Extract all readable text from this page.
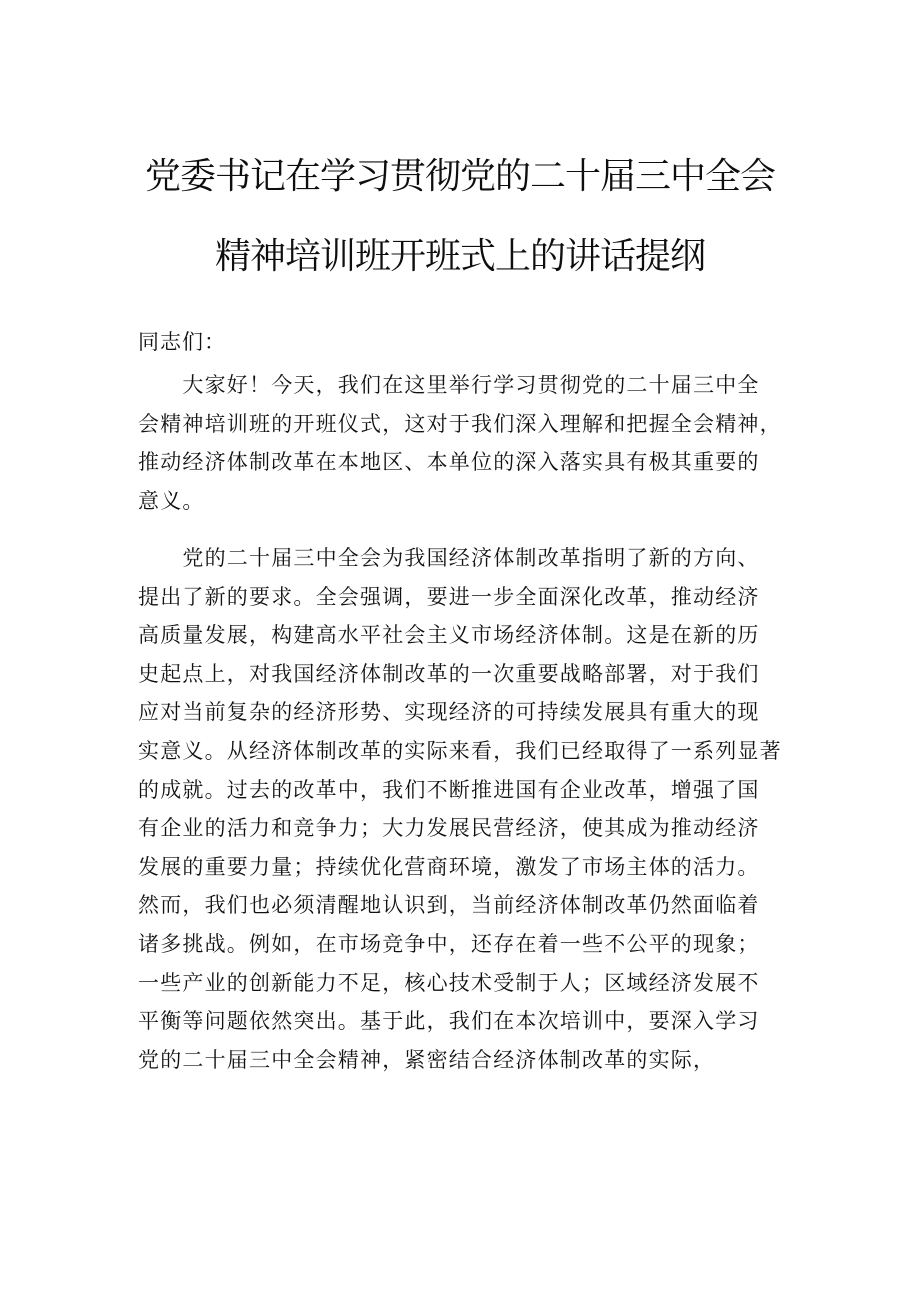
党委书记在学习贯彻党的二十届三中全会
精神培训班开班式上的讲话提纲
同志们：
　　大家好！今天，我们在这里举行学习贯彻党的二十届三中全
会精神培训班的开班仪式，这对于我们深入理解和把握全会精神，
推动经济体制改革在本地区、本单位的深入落实具有极其重要的
意义。
　　党的二十届三中全会为我国经济体制改革指明了新的方向、
提出了新的要求。全会强调，要进一步全面深化改革，推动经济
高质量发展，构建高水平社会主义市场经济体制。这是在新的历
史起点上，对我国经济体制改革的一次重要战略部署，对于我们
应对当前复杂的经济形势、实现经济的可持续发展具有重大的现
实意义。从经济体制改革的实际来看，我们已经取得了一系列显著
的成就。过去的改革中，我们不断推进国有企业改革，增强了国
有企业的活力和竞争力；大力发展民营经济，使其成为推动经济
发展的重要力量；持续优化营商环境，激发了市场主体的活力。
然而，我们也必须清醒地认识到，当前经济体制改革仍然面临着
诸多挑战。例如，在市场竞争中，还存在着一些不公平的现象；
一些产业的创新能力不足，核心技术受制于人；区域经济发展不
平衡等问题依然突出。基于此，我们在本次培训中，要深入学习
党的二十届三中全会精神，紧密结合经济体制改革的实际，
